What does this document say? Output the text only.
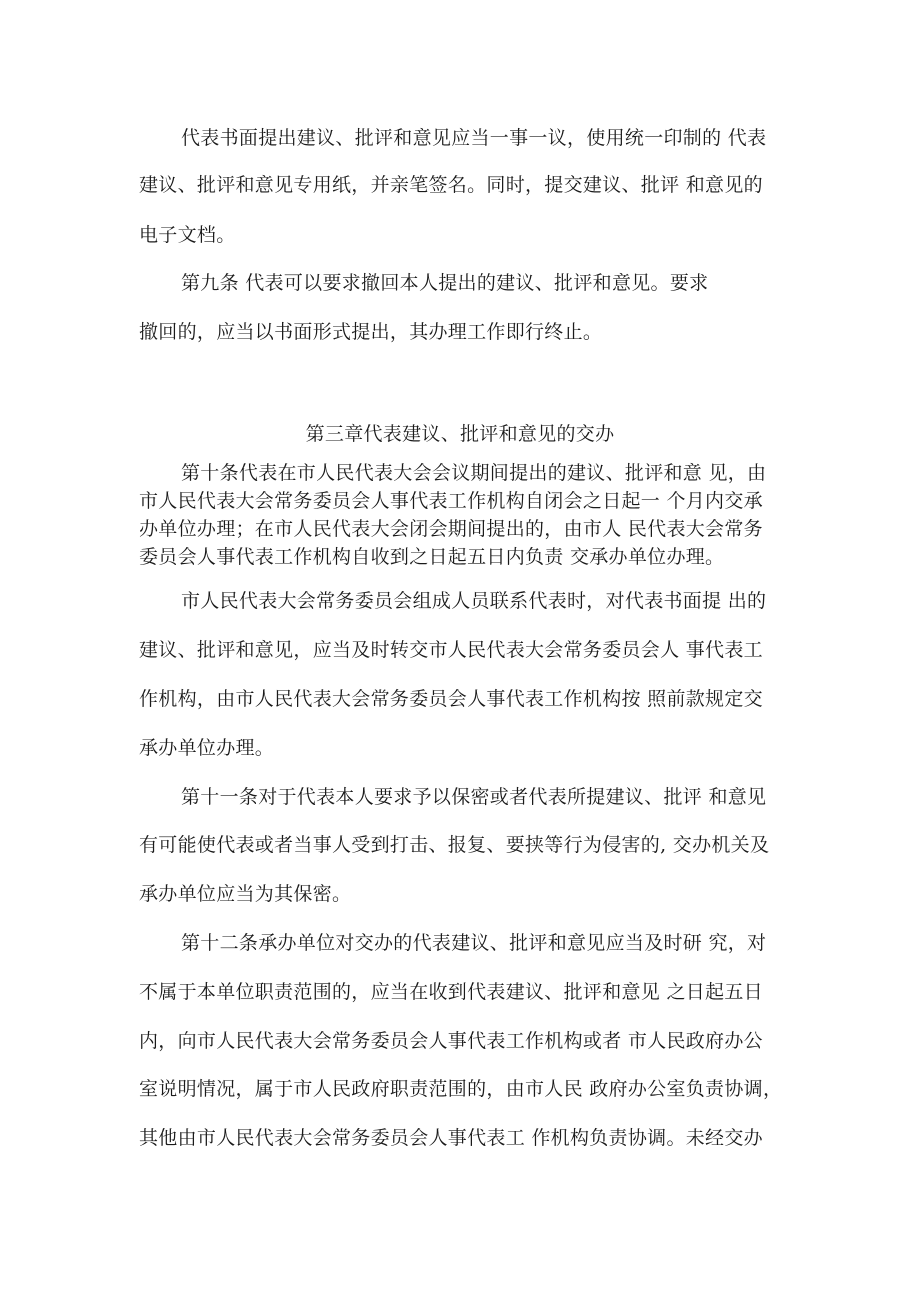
代表书面提出建议、批评和意见应当一事一议，使用统一印制的 代表
建议、批评和意见专用纸，并亲笔签名。同时，提交建议、批评 和意见的
电子文档。
第九条 代表可以要求撤回本人提出的建议、批评和意见。要求
撤回的，应当以书面形式提出，其办理工作即行终止。
第三章代表建议、批评和意见的交办
第十条代表在市人民代表大会会议期间提出的建议、批评和意 见，由
市人民代表大会常务委员会人事代表工作机构自闭会之日起一 个月内交承
办单位办理；在市人民代表大会闭会期间提出的，由市人 民代表大会常务
委员会人事代表工作机构自收到之日起五日内负责 交承办单位办理。
市人民代表大会常务委员会组成人员联系代表时，对代表书面提 出的
建议、批评和意见，应当及时转交市人民代表大会常务委员会人 事代表工
作机构，由市人民代表大会常务委员会人事代表工作机构按 照前款规定交
承办单位办理。
第十一条对于代表本人要求予以保密或者代表所提建议、批评 和意见
有可能使代表或者当事人受到打击、报复、要挟等行为侵害的, 交办机关及
承办单位应当为其保密。
第十二条承办单位对交办的代表建议、批评和意见应当及时研 究，对
不属于本单位职责范围的，应当在收到代表建议、批评和意见 之日起五日
内，向市人民代表大会常务委员会人事代表工作机构或者 市人民政府办公
室说明情况，属于市人民政府职责范围的，由市人民 政府办公室负责协调，
其他由市人民代表大会常务委员会人事代表工 作机构负责协调。未经交办
